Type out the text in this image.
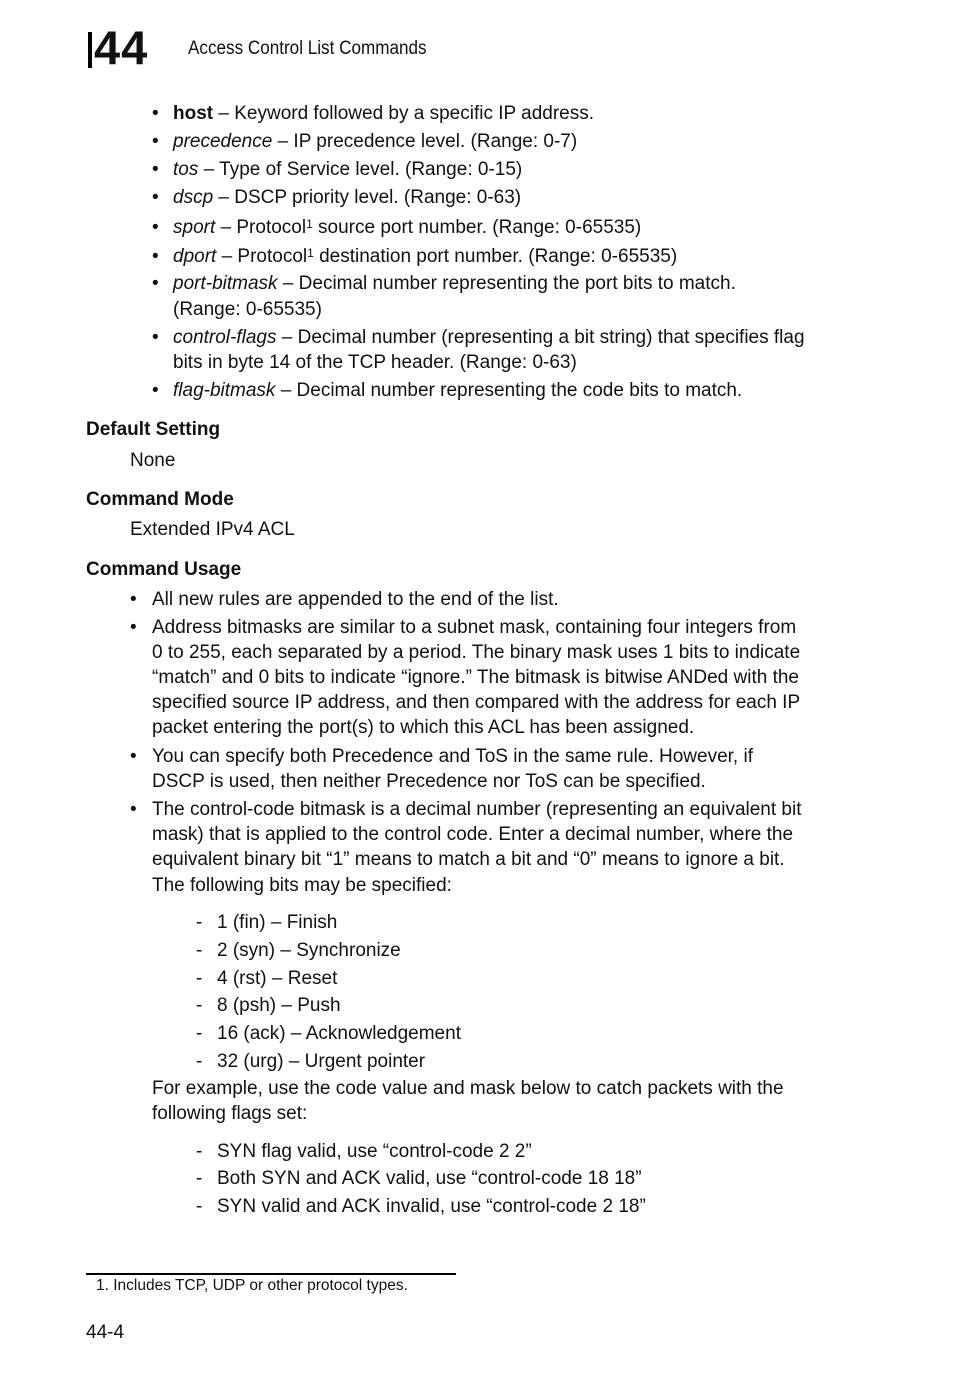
44 Access Control List Commands
• host – Keyword followed by a specific IP address.
• precedence – IP precedence level. (Range: 0-7)
• tos – Type of Service level. (Range: 0-15)
• dscp – DSCP priority level. (Range: 0-63)
• sport – Protocol$^1$ source port number. (Range: 0-65535)
• dport – Protocol$^1$ destination port number. (Range: 0-65535)
• port-bitmask – Decimal number representing the port bits to match.
(Range: 0-65535)
• control-flags – Decimal number (representing a bit string) that specifies flag
bits in byte 14 of the TCP header. (Range: 0-63)
• flag-bitmask – Decimal number representing the code bits to match.
Default Setting
None
Command Mode
Extended IPv4 ACL
Command Usage
• All new rules are appended to the end of the list.
• Address bitmasks are similar to a subnet mask, containing four integers from
0 to 255, each separated by a period. The binary mask uses 1 bits to indicate
“match” and 0 bits to indicate “ignore.” The bitmask is bitwise ANDed with the
specified source IP address, and then compared with the address for each IP
packet entering the port(s) to which this ACL has been assigned.
• You can specify both Precedence and ToS in the same rule. However, if
DSCP is used, then neither Precedence nor ToS can be specified.
• The control-code bitmask is a decimal number (representing an equivalent bit
mask) that is applied to the control code. Enter a decimal number, where the
equivalent binary bit “1” means to match a bit and “0” means to ignore a bit.
The following bits may be specified:
- 1 (fin) – Finish
- 2 (syn) – Synchronize
- 4 (rst) – Reset
- 8 (psh) – Push
- 16 (ack) – Acknowledgement
- 32 (urg) – Urgent pointer
For example, use the code value and mask below to catch packets with the
following flags set:
- SYN flag valid, use “control-code 2 2”
- Both SYN and ACK valid, use “control-code 18 18”
- SYN valid and ACK invalid, use “control-code 2 18”
1. Includes TCP, UDP or other protocol types.
44-4
